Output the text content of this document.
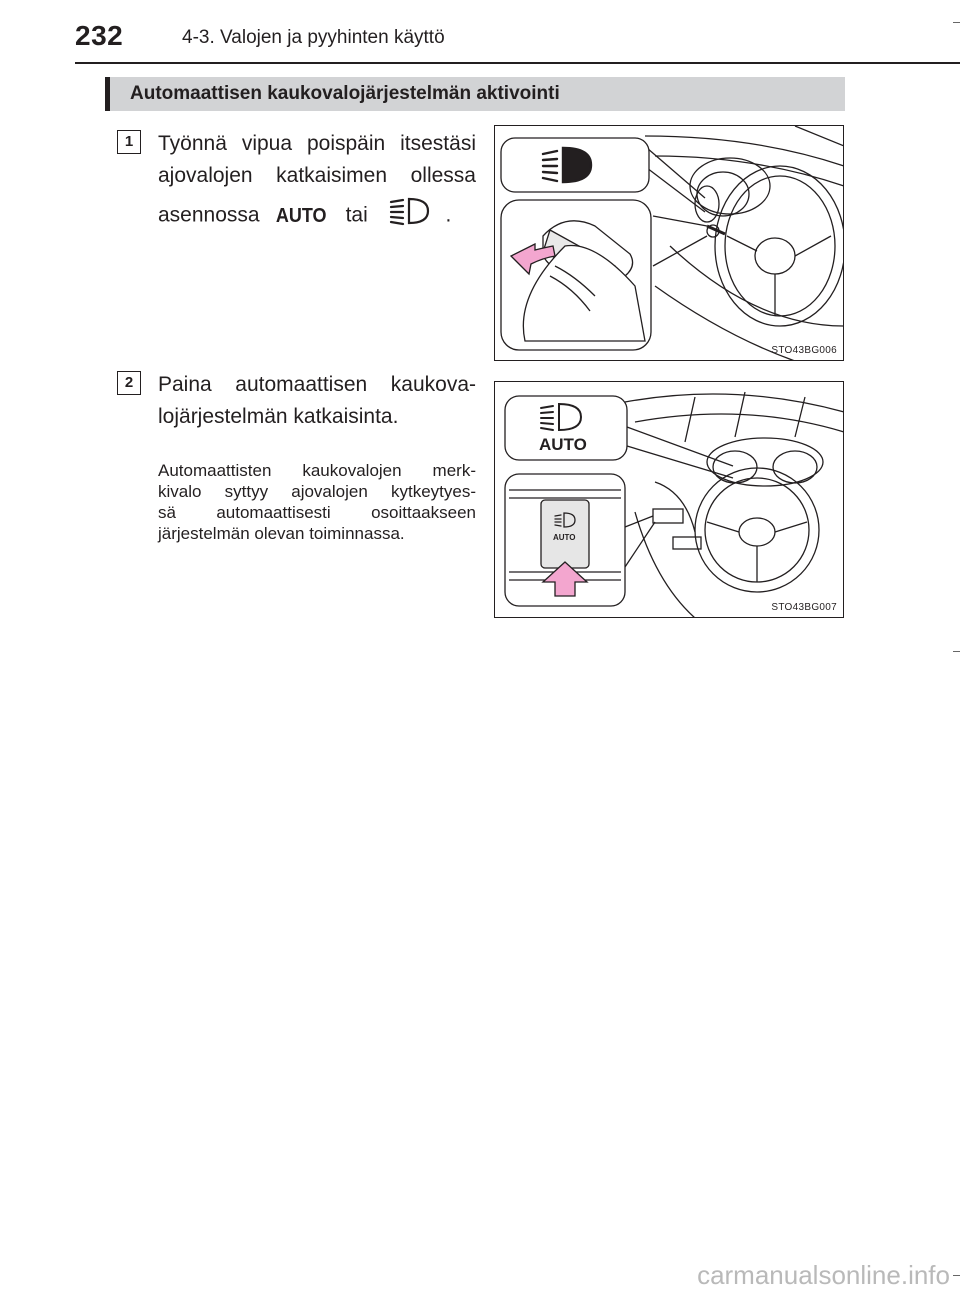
232	4-3. Valojen ja pyyhinten käyttö
Automaattisen kaukovalojärjestelmän aktivointi
1	Työnnä vipua poispäin itsestäsi
ajovalojen katkaisimen ollessa
asennossa AUTO tai	.
STO43BG006
2	Paina automaattisen kaukova-
lojärjestelmän katkaisinta.
Automaattisten kaukovalojen merk-
kivalo syttyy ajovalojen kytkeytyes-
sä automaattisesti osoittaakseen
järjestelmän olevan toiminnassa.
AUTO
AUTO
STO43BG007
carmanualsonline.info
